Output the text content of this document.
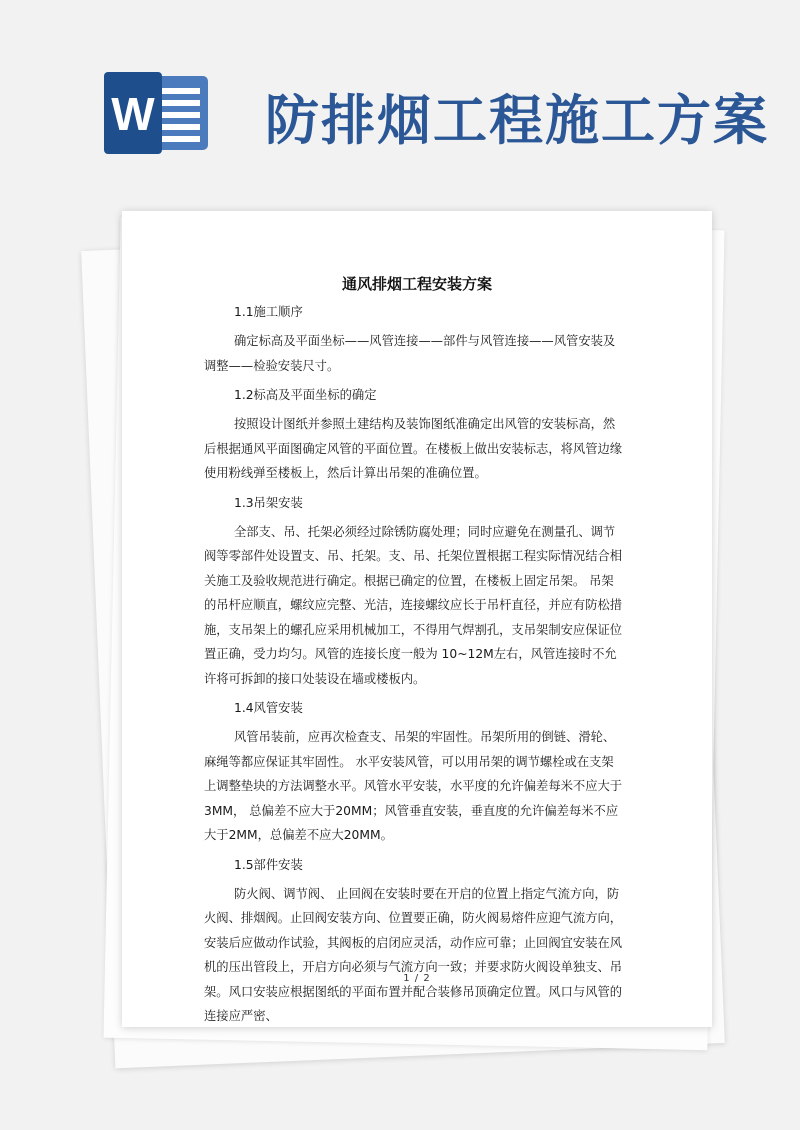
W 防排烟工程施工方案
通风排烟工程安装方案

1.1施工顺序

确定标高及平面坐标——风管连接——部件与风管连接——风管安装及调整——检验安装尺寸。

1.2标高及平面坐标的确定

按照设计图纸并参照土建结构及装饰图纸准确定出风管的安装标高，然后根据通风平面图确定风管的平面位置。在楼板上做出安装标志，将风管边缘使用粉线弹至楼板上，然后计算出吊架的准确位置。

1.3吊架安装

全部支、吊、托架必须经过除锈防腐处理；同时应避免在测量孔、调节阀等零部件处设置支、吊、托架。支、吊、托架位置根据工程实际情况结合相关施工及验收规范进行确定。根据已确定的位置，在楼板上固定吊架。 吊架的吊杆应顺直，螺纹应完整、光洁，连接螺纹应长于吊杆直径，并应有防松措施，支吊架上的螺孔应采用机械加工，不得用气焊割孔，支吊架制安应保证位置正确，受力均匀。风管的连接长度一般为 10~12M左右，风管连接时不允许将可拆卸的接口处装设在墙或楼板内。

1.4风管安装

风管吊装前，应再次检查支、吊架的牢固性。吊架所用的倒链、滑轮、麻绳等都应保证其牢固性。 水平安装风管，可以用吊架的调节螺栓或在支架上调整垫块的方法调整水平。风管水平安装，水平度的允许偏差每米不应大于3MM， 总偏差不应大于20MM；风管垂直安装，垂直度的允许偏差每米不应大于2MM，总偏差不应大20MM。

1.5部件安装

防火阀、调节阀、 止回阀在安装时要在开启的位置上指定气流方向，防火阀、排烟阀。止回阀安装方向、位置要正确，防火阀易熔件应迎气流方向，安装后应做动作试验，其阀板的启闭应灵活，动作应可靠；止回阀宜安装在风机的压出管段上，开启方向必须与气流方向一致；并要求防火阀设单独支、吊架。风口安装应根据图纸的平面布置并配合装修吊顶确定位置。风口与风管的连接应严密、

1 / 2
